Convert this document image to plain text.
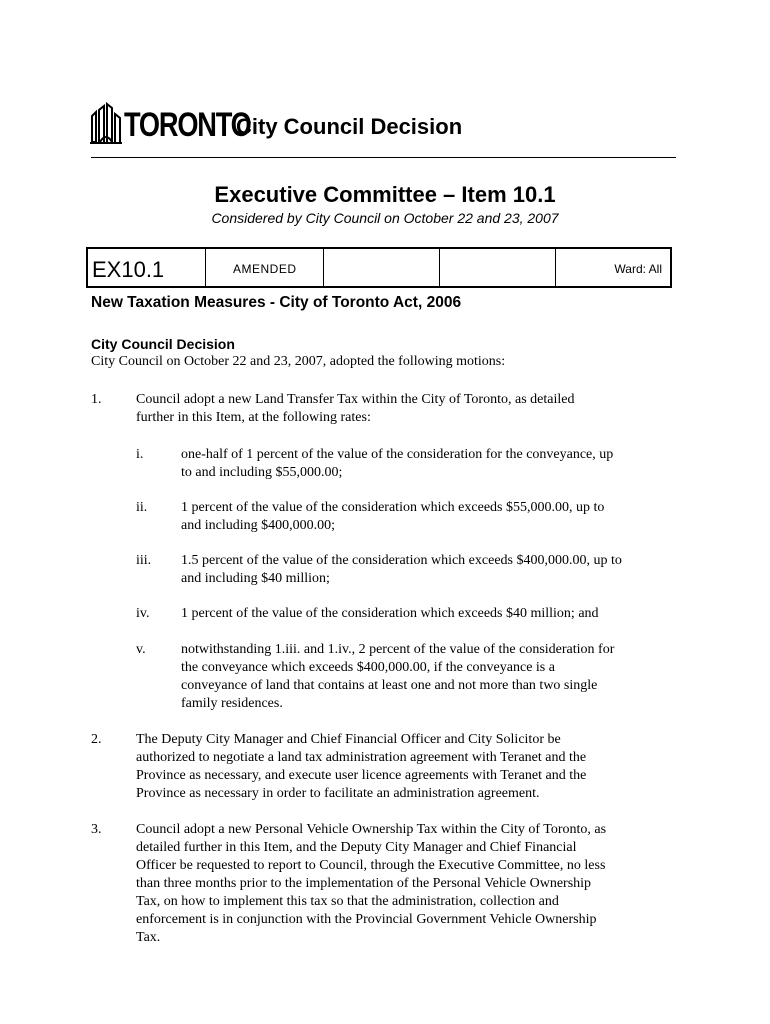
TORONTO
City Council Decision
Executive Committee – Item 10.1
Considered by City Council on October 22 and 23, 2007
EX10.1	AMENDED	Ward: All
New Taxation Measures - City of Toronto Act, 2006
City Council Decision
City Council on October 22 and 23, 2007, adopted the following motions:
1. Council adopt a new Land Transfer Tax within the City of Toronto, as detailed
further in this Item, at the following rates:
i.	one-half of 1 percent of the value of the consideration for the conveyance, up
to and including $55,000.00;
ii. 1 percent of the value of the consideration which exceeds $55,000.00, up to
and including $400,000.00;
iii. 1.5 percent of the value of the consideration which exceeds $400,000.00, up to
and including $40 million;
iv. 1 percent of the value of the consideration which exceeds $40 million; and
v.	notwithstanding 1.iii. and 1.iv., 2 percent of the value of the consideration for
the conveyance which exceeds $400,000.00, if the conveyance is a
conveyance of land that contains at least one and not more than two single
family residences.
2. The Deputy City Manager and Chief Financial Officer and City Solicitor be
authorized to negotiate a land tax administration agreement with Teranet and the
Province as necessary, and execute user licence agreements with Teranet and the
Province as necessary in order to facilitate an administration agreement.
3. Council adopt a new Personal Vehicle Ownership Tax within the City of Toronto, as
detailed further in this Item, and the Deputy City Manager and Chief Financial
Officer be requested to report to Council, through the Executive Committee, no less
than three months prior to the implementation of the Personal Vehicle Ownership
Tax, on how to implement this tax so that the administration, collection and
enforcement is in conjunction with the Provincial Government Vehicle Ownership
Tax.
